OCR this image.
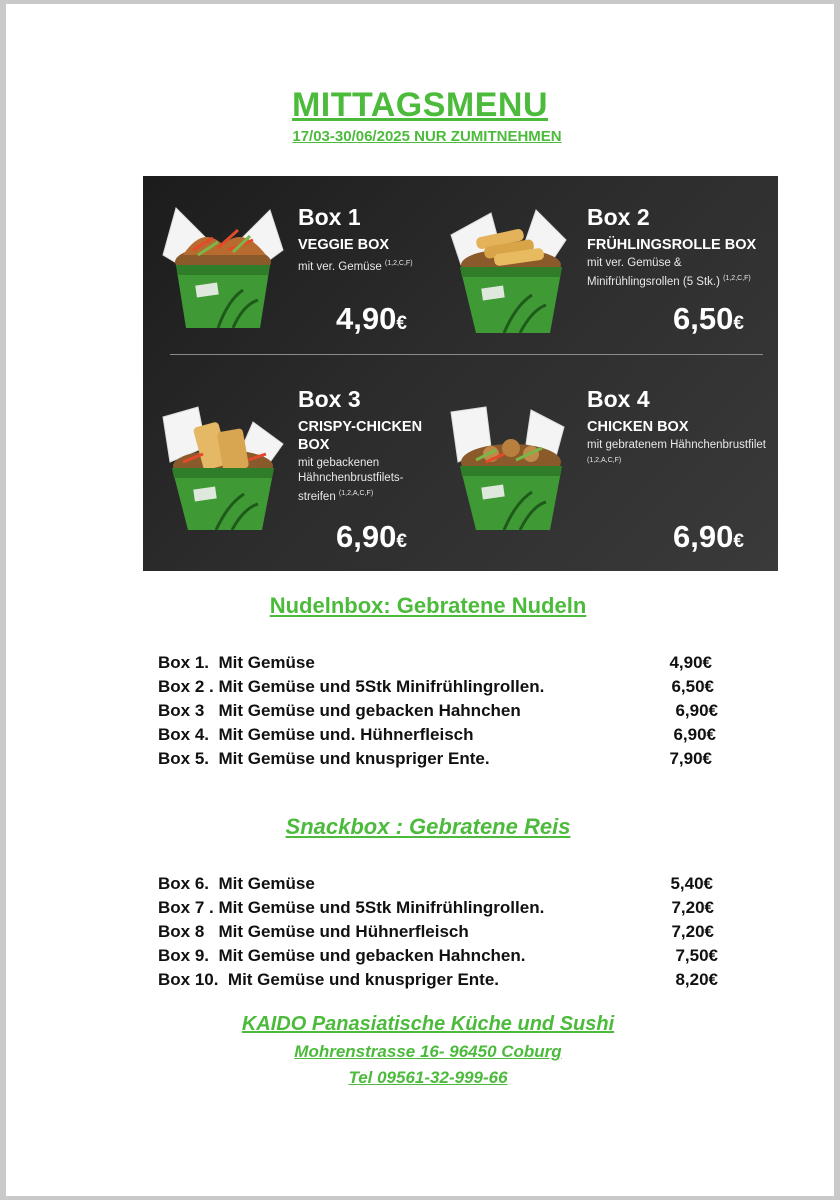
MITTAGSMENU
17/03-30/06/2025 NUR ZUMITNEHMEN
Box 1
VEGGIE BOX
mit ver. Gemüse $^{(1,2,C,F)}$
4,90€
Box 2
FRÜHLINGSROLLE BOX
mit ver. Gemüse & Minifrühlingsrollen (5 Stk.) $^{(1,2,C,F)}$
6,50€
Box 3
CRISPY-CHICKEN BOX
mit gebackenen Hähnchenbrustfilets-streifen $^{(1,2,A,C,F)}$
6,90€
Box 4
CHICKEN BOX
mit gebratenem Hähnchenbrustfilet $^{(1,2,A,C,F)}$
6,90€
Nudelnbox: Gebratene Nudeln
Box 1.  Mit Gemüse	4,90€
Box 2 . Mit Gemüse und 5Stk Minifrühlingrollen.	6,50€
Box 3   Mit Gemüse und gebacken Hahnchen	6,90€
Box 4.  Mit Gemüse und. Hühnerfleisch	6,90€
Box 5.  Mit Gemüse und knuspriger Ente.	7,90€
Snackbox : Gebratene Reis
Box 6.  Mit Gemüse	5,40€
Box 7 . Mit Gemüse und 5Stk Minifrühlingrollen.	7,20€
Box 8   Mit Gemüse und Hühnerfleisch	7,20€
Box 9.  Mit Gemüse und gebacken Hahnchen.	7,50€
Box 10.  Mit Gemüse und knuspriger Ente.	8,20€
KAIDO Panasiatische Küche und Sushi
Mohrenstrasse 16- 96450 Coburg
Tel 09561-32-999-66
